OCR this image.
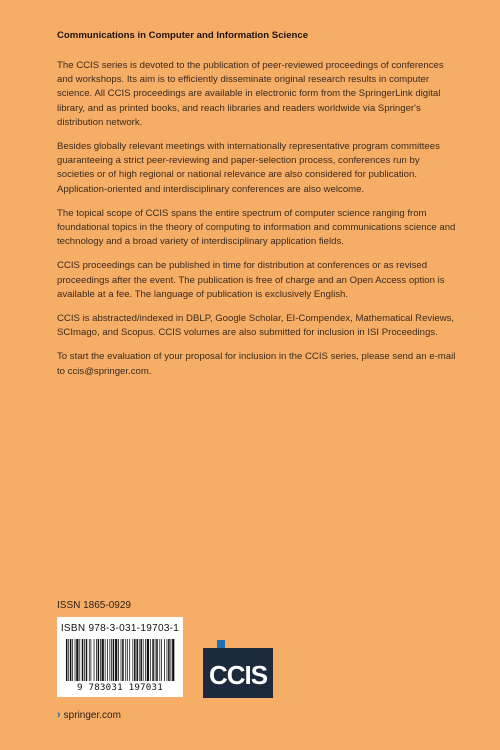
Communications in Computer and Information Science

The CCIS series is devoted to the publication of peer-reviewed proceedings of conferences and workshops. Its aim is to efficiently disseminate original research results in computer science. All CCIS proceedings are available in electronic form from the SpringerLink digital library, and as printed books, and reach libraries and readers worldwide via Springer's distribution network.

Besides globally relevant meetings with internationally representative program committees guaranteeing a strict peer-reviewing and paper-selection process, conferences run by societies or of high regional or national relevance are also considered for publication. Application-oriented and interdisciplinary conferences are also welcome.

The topical scope of CCIS spans the entire spectrum of computer science ranging from foundational topics in the theory of computing to information and communications science and technology and a broad variety of interdisciplinary application fields.

CCIS proceedings can be published in time for distribution at conferences or as revised proceedings after the event. The publication is free of charge and an Open Access option is available at a fee. The language of publication is exclusively English.

CCIS is abstracted/indexed in DBLP, Google Scholar, EI-Compendex, Mathematical Reviews, SCImago, and Scopus. CCIS volumes are also submitted for inclusion in ISI Proceedings.

To start the evaluation of your proposal for inclusion in the CCIS series, please send an e-mail to ccis@springer.com.

ISSN 1865-0929
ISBN 978-3-031-19703-1
9 783031 197031	CCIS
› springer.com
